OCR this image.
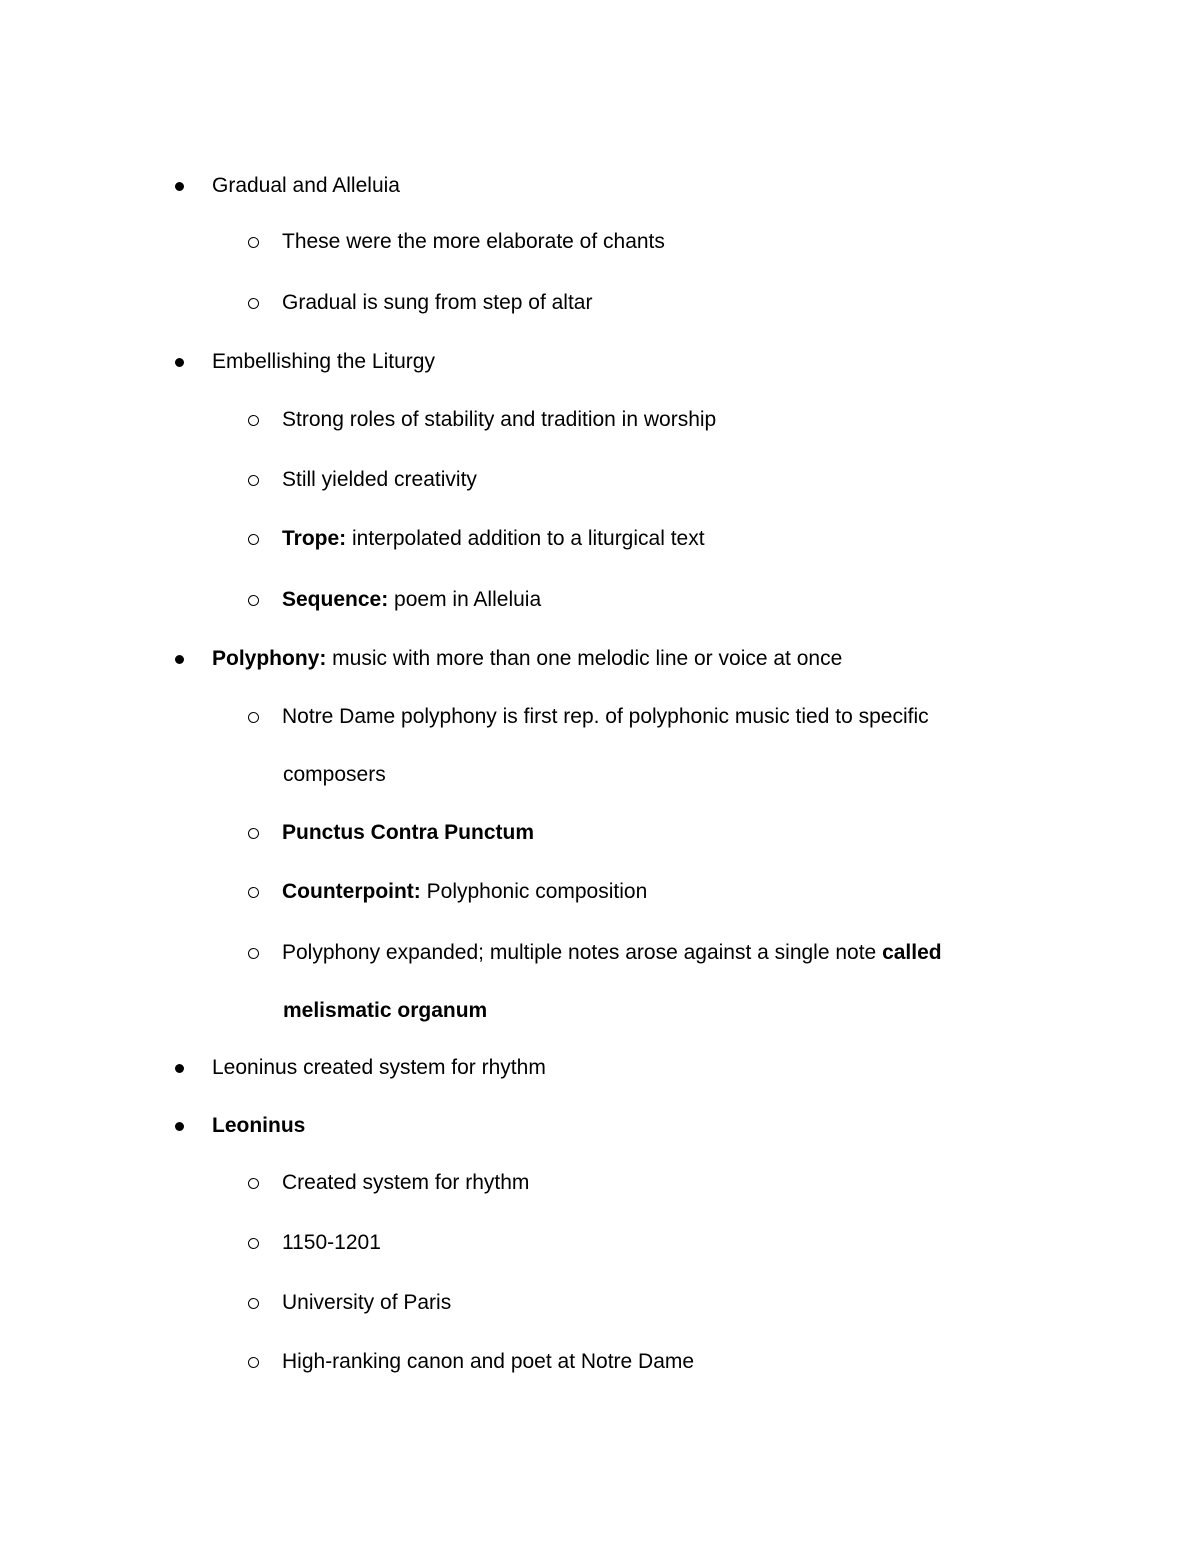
Gradual and Alleluia
These were the more elaborate of chants
Gradual is sung from step of altar
Embellishing the Liturgy
Strong roles of stability and tradition in worship
Still yielded creativity
Trope: interpolated addition to a liturgical text
Sequence: poem in Alleluia
Polyphony: music with more than one melodic line or voice at once
Notre Dame polyphony is first rep. of polyphonic music tied to specific
composers
Punctus Contra Punctum
Counterpoint: Polyphonic composition
Polyphony expanded; multiple notes arose against a single note called
melismatic organum
Leoninus created system for rhythm
Leoninus
Created system for rhythm
1150-1201
University of Paris
High-ranking canon and poet at Notre Dame
